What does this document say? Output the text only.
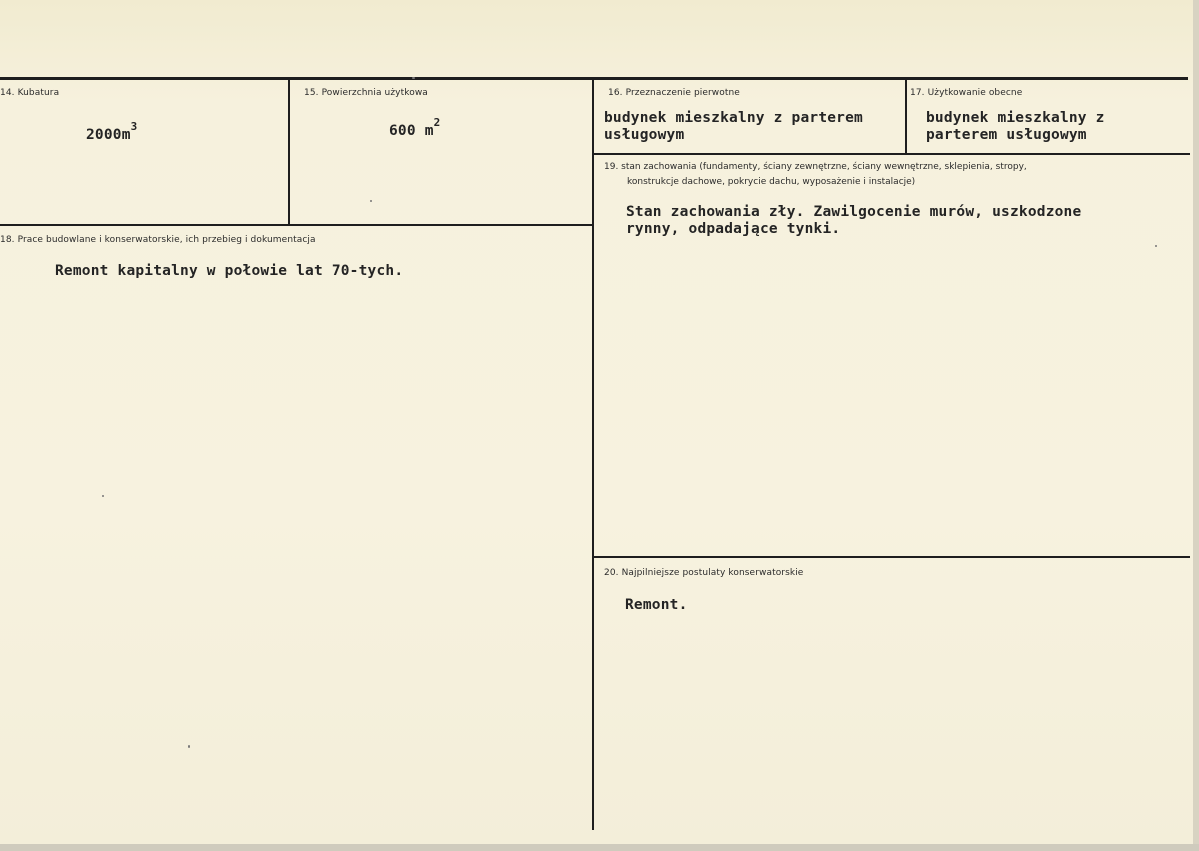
14. Kubatura
$2000m^3$
15. Powierzchnia użytkowa
600 $m^2$
16. Przeznaczenie pierwotne
budynek mieszkalny z parterem
usługowym
17. Użytkowanie obecne
budynek mieszkalny z
parterem usługowym
18. Prace budowlane i konserwatorskie, ich przebieg i dokumentacja
Remont kapitalny w połowie lat 70-tych.
19. stan zachowania (fundamenty, ściany zewnętrzne, ściany wewnętrzne, sklepienia, stropy,
konstrukcje dachowe, pokrycie dachu, wyposażenie i instalacje)
Stan zachowania zły. Zawilgocenie murów, uszkodzone
rynny, odpadające tynki.
20. Najpilniejsze postulaty konserwatorskie
Remont.
